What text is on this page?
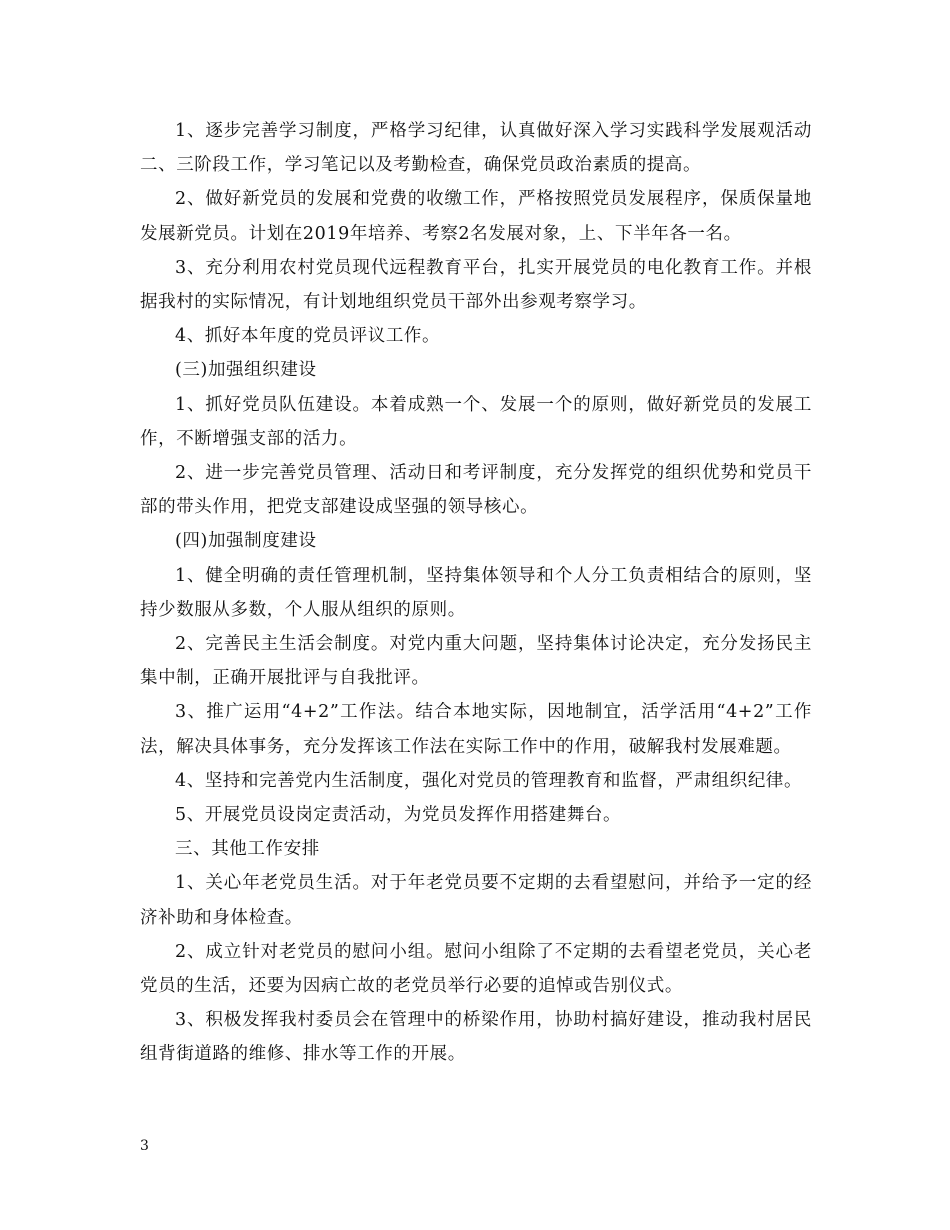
1、逐步完善学习制度，严格学习纪律，认真做好深入学习实践科学发展观活动二、三阶段工作，学习笔记以及考勤检查，确保党员政治素质的提高。

2、做好新党员的发展和党费的收缴工作，严格按照党员发展程序，保质保量地发展新党员。计划在2019年培养、考察2名发展对象，上、下半年各一名。

3、充分利用农村党员现代远程教育平台，扎实开展党员的电化教育工作。并根据我村的实际情况，有计划地组织党员干部外出参观考察学习。

4、抓好本年度的党员评议工作。

(三)加强组织建设

1、抓好党员队伍建设。本着成熟一个、发展一个的原则，做好新党员的发展工作，不断增强支部的活力。

2、进一步完善党员管理、活动日和考评制度，充分发挥党的组织优势和党员干部的带头作用，把党支部建设成坚强的领导核心。

(四)加强制度建设

1、健全明确的责任管理机制，坚持集体领导和个人分工负责相结合的原则，坚持少数服从多数，个人服从组织的原则。

2、完善民主生活会制度。对党内重大问题，坚持集体讨论决定，充分发扬民主集中制，正确开展批评与自我批评。

3、推广运用“4+2”工作法。结合本地实际，因地制宜，活学活用“4+2”工作法，解决具体事务，充分发挥该工作法在实际工作中的作用，破解我村发展难题。

4、坚持和完善党内生活制度，强化对党员的管理教育和监督，严肃组织纪律。

5、开展党员设岗定责活动，为党员发挥作用搭建舞台。

三、其他工作安排

1、关心年老党员生活。对于年老党员要不定期的去看望慰问，并给予一定的经济补助和身体检查。

2、成立针对老党员的慰问小组。慰问小组除了不定期的去看望老党员，关心老党员的生活，还要为因病亡故的老党员举行必要的追悼或告别仪式。

3、积极发挥我村委员会在管理中的桥梁作用，协助村搞好建设，推动我村居民组背街道路的维修、排水等工作的开展。

3
